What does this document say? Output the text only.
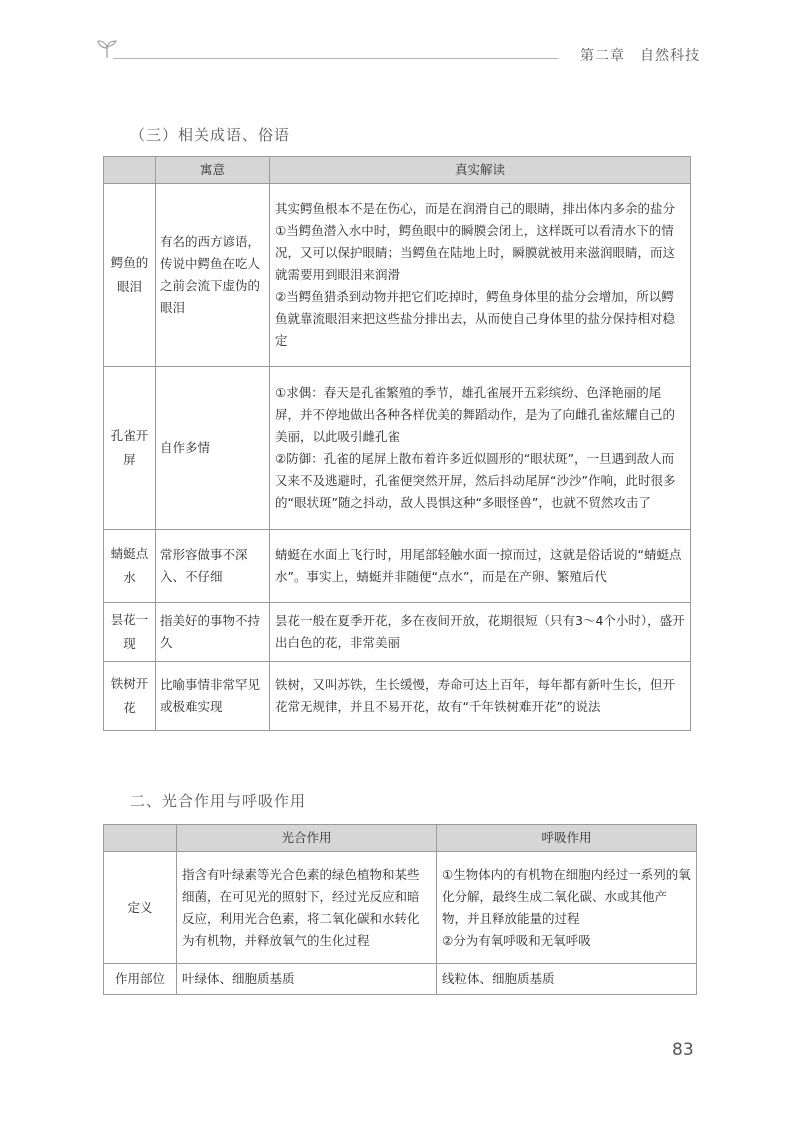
第二章　自然科技
（三）相关成语、俗语
	寓意	真实解读
鳄鱼的眼泪	有名的西方谚语，传说中鳄鱼在吃人之前会流下虚伪的眼泪	其实鳄鱼根本不是在伤心，而是在润滑自己的眼睛，排出体内多余的盐分
①当鳄鱼潜入水中时，鳄鱼眼中的瞬膜会闭上，这样既可以看清水下的情况，又可以保护眼睛；当鳄鱼在陆地上时，瞬膜就被用来滋润眼睛，而这就需要用到眼泪来润滑
②当鳄鱼猎杀到动物并把它们吃掉时，鳄鱼身体里的盐分会增加，所以鳄鱼就靠流眼泪来把这些盐分排出去，从而使自己身体里的盐分保持相对稳定

孔雀开屏	自作多情	①求偶：春天是孔雀繁殖的季节，雄孔雀展开五彩缤纷、色泽艳丽的尾屏，并不停地做出各种各样优美的舞蹈动作，是为了向雌孔雀炫耀自己的美丽，以此吸引雌孔雀
②防御：孔雀的尾屏上散布着许多近似圆形的“眼状斑”，一旦遇到敌人而又来不及逃避时，孔雀便突然开屏，然后抖动尾屏“沙沙”作响，此时很多的“眼状斑”随之抖动，敌人畏惧这种“多眼怪兽”，也就不贸然攻击了

蜻蜓点水	常形容做事不深入、不仔细	蜻蜓在水面上飞行时，用尾部轻触水面一掠而过，这就是俗话说的“蜻蜓点水”。事实上，蜻蜓并非随便“点水”，而是在产卵、繁殖后代

昙花一现	指美好的事物不持久	昙花一般在夏季开花，多在夜间开放，花期很短（只有3～4个小时），盛开出白色的花，非常美丽

铁树开花	比喻事情非常罕见或极难实现	铁树，又叫苏铁，生长缓慢，寿命可达上百年，每年都有新叶生长，但开花常无规律，并且不易开花，故有“千年铁树难开花”的说法
二、光合作用与呼吸作用
	光合作用	呼吸作用
定义	指含有叶绿素等光合色素的绿色植物和某些细菌，在可见光的照射下，经过光反应和暗反应，利用光合色素，将二氧化碳和水转化为有机物，并释放氧气的生化过程	①生物体内的有机物在细胞内经过一系列的氧化分解，最终生成二氧化碳、水或其他产物，并且释放能量的过程
②分为有氧呼吸和无氧呼吸

作用部位	叶绿体、细胞质基质	线粒体、细胞质基质
83
